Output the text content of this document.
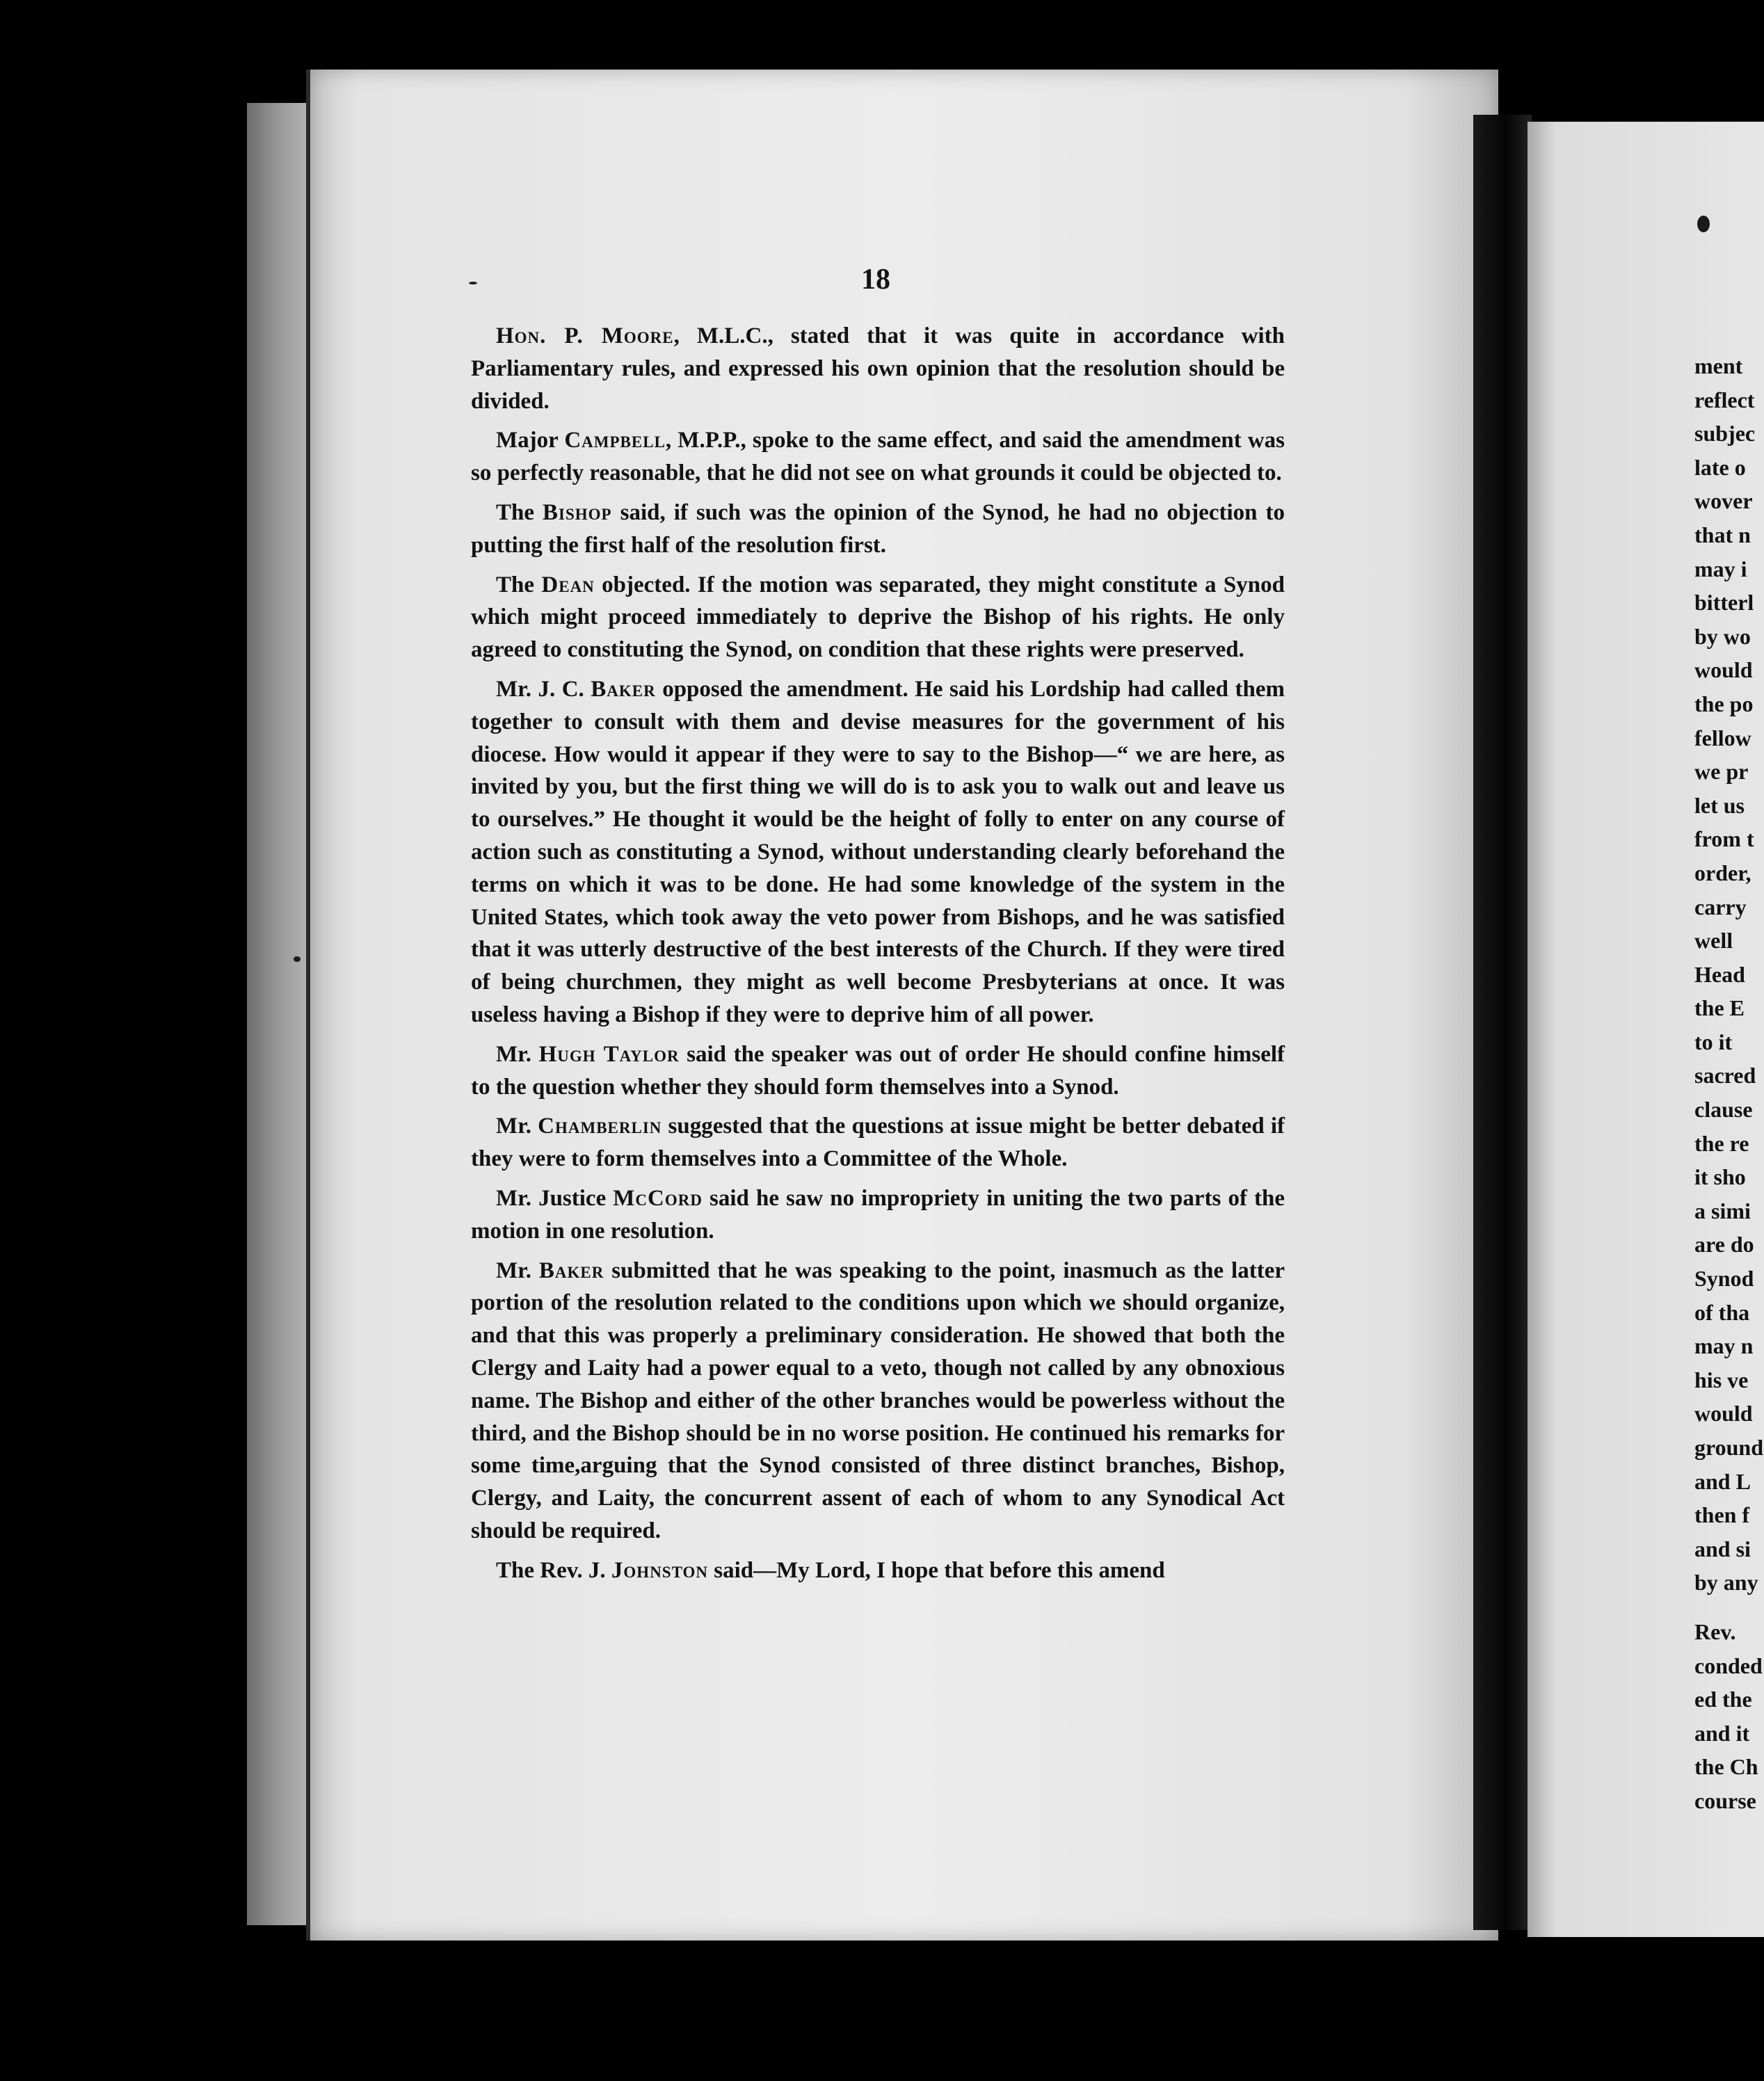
18

Hon. P. Moore, M.L.C., stated that it was quite in accordance with Parliamentary rules, and expressed his own opinion that the resolution should be divided.

Major Campbell, M.P.P., spoke to the same effect, and said the amendment was so perfectly reasonable, that he did not see on what grounds it could be objected to.

The Bishop said, if such was the opinion of the Synod, he had no objection to putting the first half of the resolution first.

The Dean objected. If the motion was separated, they might constitute a Synod which might proceed immediately to deprive the Bishop of his rights. He only agreed to constituting the Synod, on condition that these rights were preserved.

Mr. J. C. Baker opposed the amendment. He said his Lordship had called them together to consult with them and devise measures for the government of his diocese. How would it appear if they were to say to the Bishop—“ we are here, as invited by you, but the first thing we will do is to ask you to walk out and leave us to ourselves.” He thought it would be the height of folly to enter on any course of action such as constituting a Synod, without understanding clearly beforehand the terms on which it was to be done. He had some knowledge of the system in the United States, which took away the veto power from Bishops, and he was satisfied that it was utterly destructive of the best interests of the Church. If they were tired of being churchmen, they might as well become Presbyterians at once. It was useless having a Bishop if they were to deprive him of all power.

Mr. Hugh Taylor said the speaker was out of order He should confine himself to the question whether they should form themselves into a Synod.

Mr. Chamberlin suggested that the questions at issue might be better debated if they were to form themselves into a Committee of the Whole.

Mr. Justice McCord said he saw no impropriety in uniting the two parts of the motion in one resolution.

Mr. Baker submitted that he was speaking to the point, inasmuch as the latter portion of the resolution related to the conditions upon which we should organize, and that this was properly a preliminary consideration. He showed that both the Clergy and Laity had a power equal to a veto, though not called by any obnoxious name. The Bishop and either of the other branches would be powerless without the third, and the Bishop should be in no worse position. He continued his remarks for some time,arguing that the Synod consisted of three distinct branches, Bishop, Clergy, and Laity, the concurrent assent of each of whom to any Synodical Act should be required.

The Rev. J. Johnston said—My Lord, I hope that before this amend

ment
reflect
subjec
late o
wover
that n
may i
bitterl
by wo
would
the po
fellow
we pr
let us
from t
order,
carry
well
Head
the E
to it
sacred
clause
the re
it sho
a simi
are do
Synod
of tha
may n
his ve
would
ground
and L
then f
and si
by any
Rev.
conded
ed the
and it
the Ch
course
